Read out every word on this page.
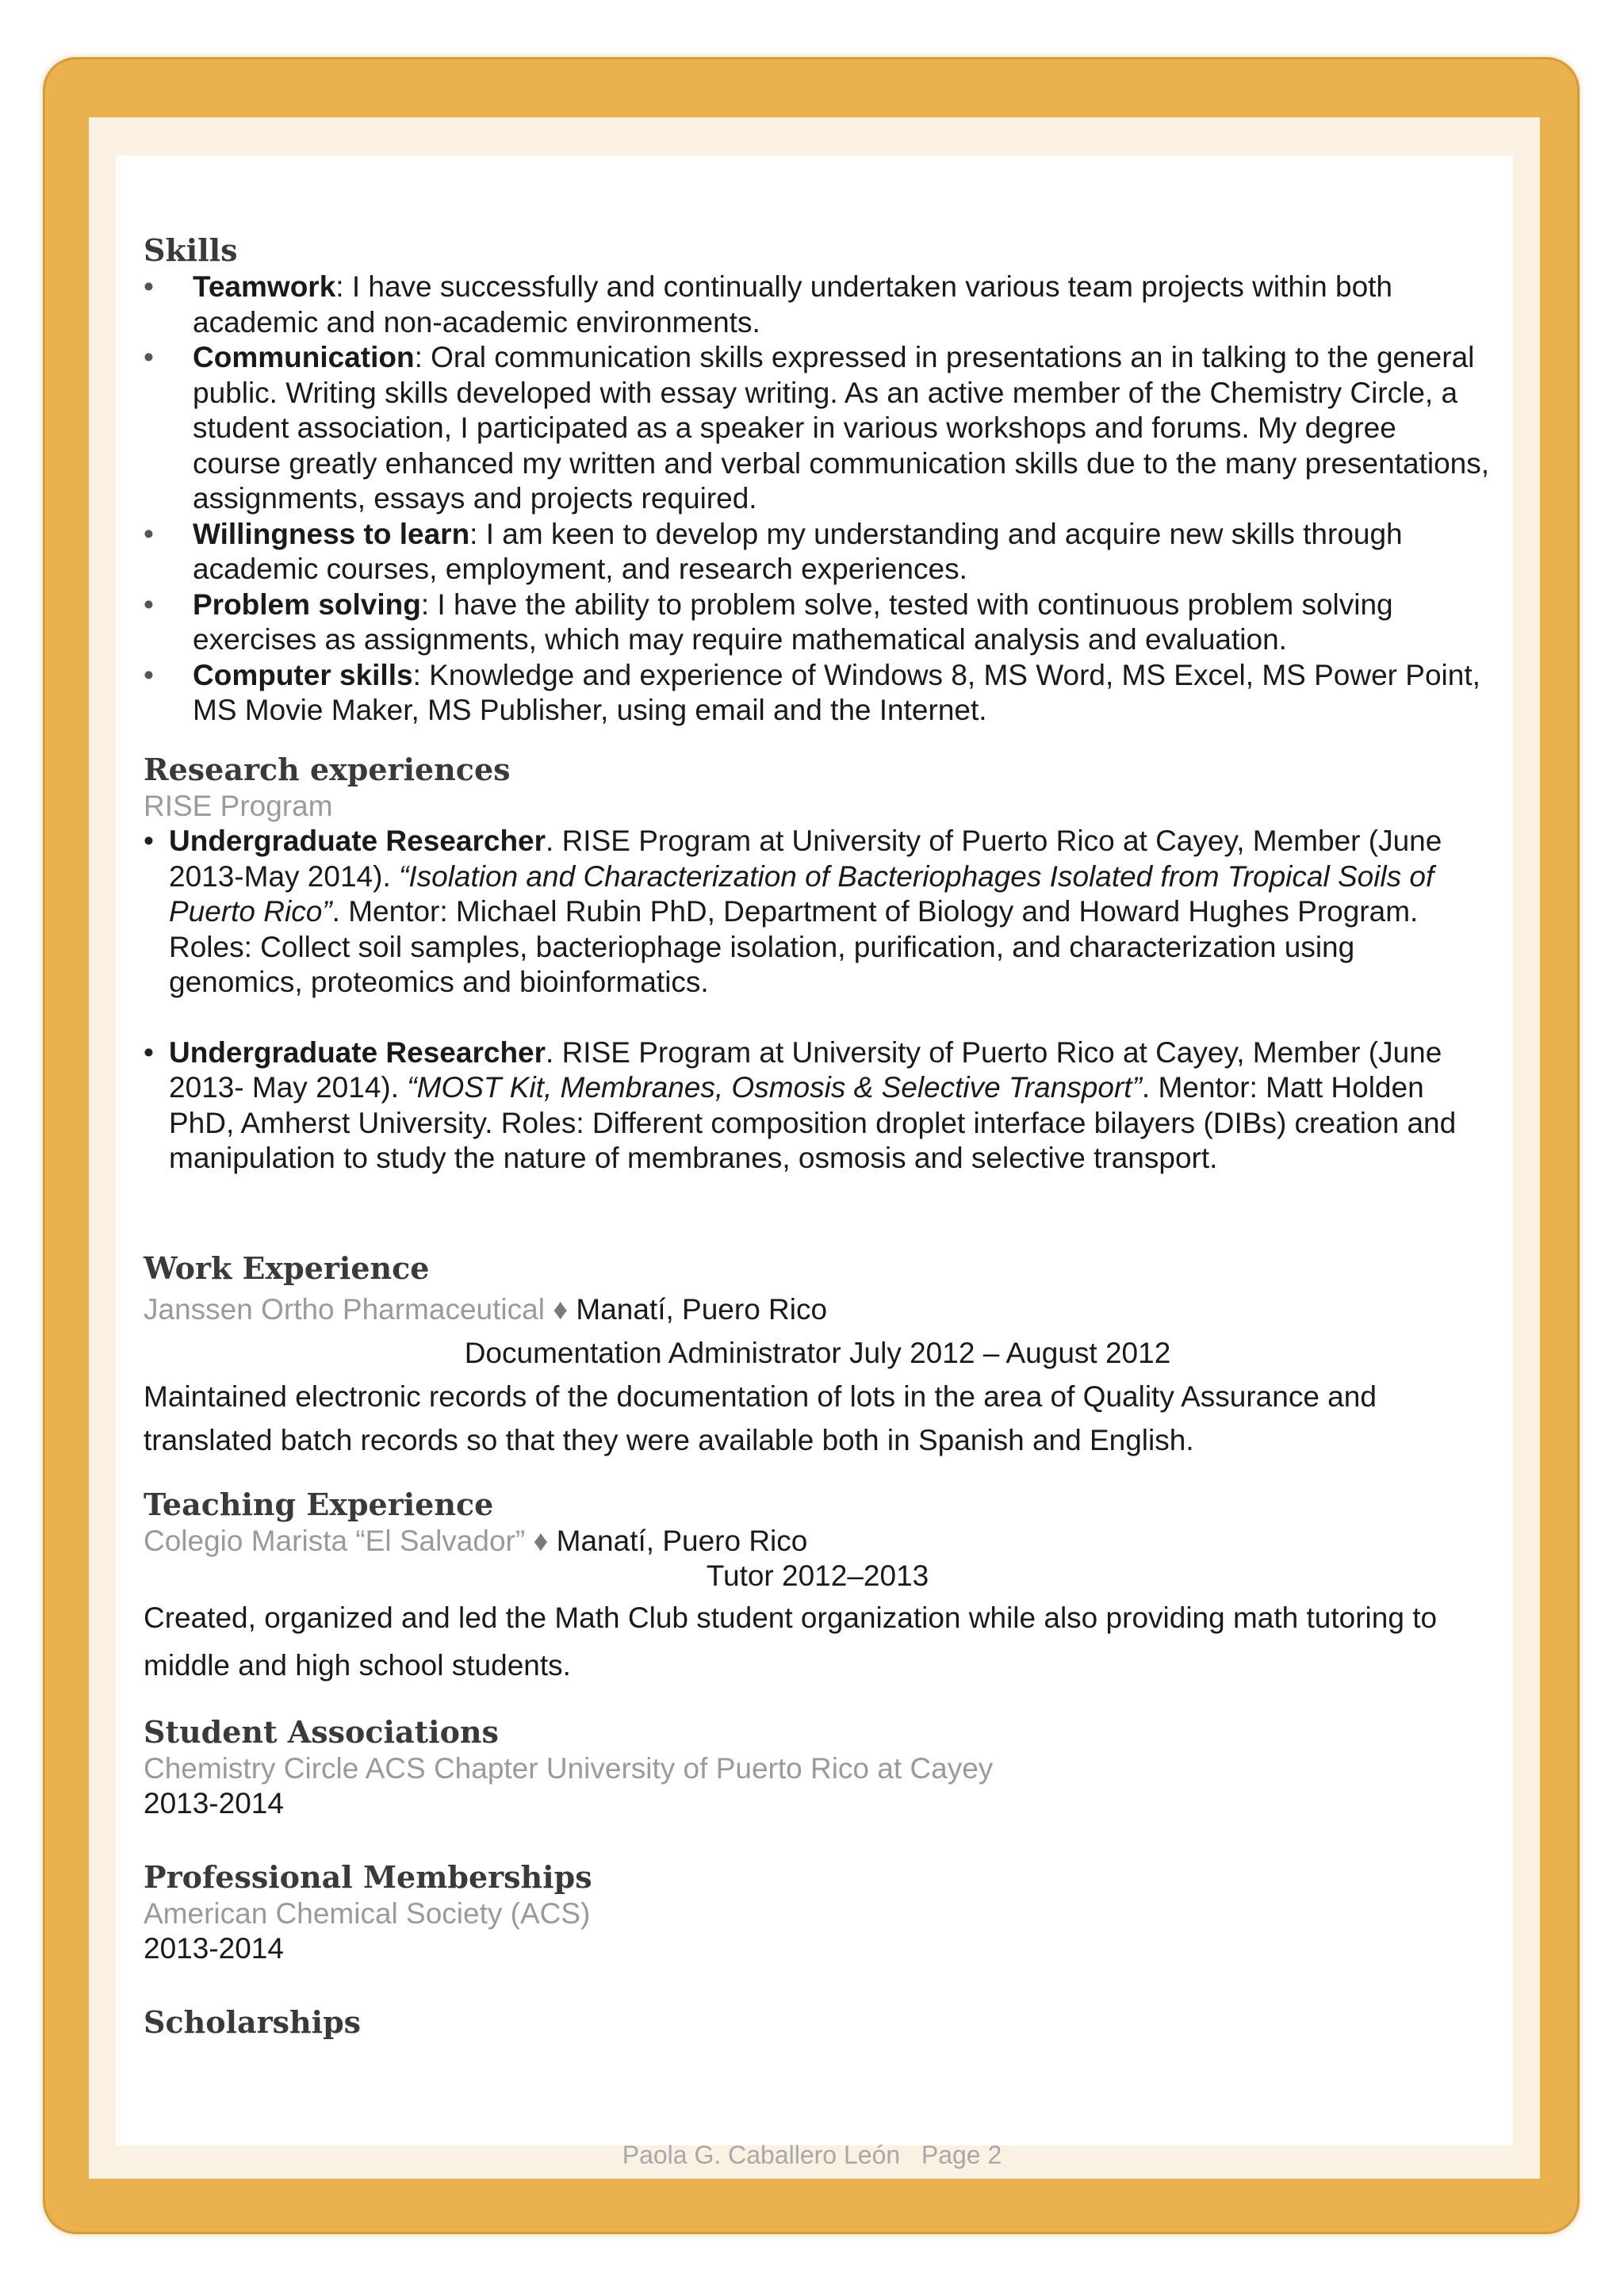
Skills
• Teamwork: I have successfully and continually undertaken various team projects within both academic and non-academic environments.
• Communication: Oral communication skills expressed in presentations an in talking to the general public. Writing skills developed with essay writing. As an active member of the Chemistry Circle, a student association, I participated as a speaker in various workshops and forums. My degree course greatly enhanced my written and verbal communication skills due to the many presentations, assignments, essays and projects required.
• Willingness to learn: I am keen to develop my understanding and acquire new skills through academic courses, employment, and research experiences.
• Problem solving: I have the ability to problem solve, tested with continuous problem solving exercises as assignments, which may require mathematical analysis and evaluation.
• Computer skills: Knowledge and experience of Windows 8, MS Word, MS Excel, MS Power Point, MS Movie Maker, MS Publisher, using email and the Internet.
Research experiences
RISE Program
• Undergraduate Researcher. RISE Program at University of Puerto Rico at Cayey, Member (June 2013-May 2014). “Isolation and Characterization of Bacteriophages Isolated from Tropical Soils of Puerto Rico”. Mentor: Michael Rubin PhD, Department of Biology and Howard Hughes Program. Roles: Collect soil samples, bacteriophage isolation, purification, and characterization using genomics, proteomics and bioinformatics.
• Undergraduate Researcher. RISE Program at University of Puerto Rico at Cayey, Member (June 2013- May 2014). “MOST Kit, Membranes, Osmosis & Selective Transport”. Mentor: Matt Holden PhD, Amherst University. Roles: Different composition droplet interface bilayers (DIBs) creation and manipulation to study the nature of membranes, osmosis and selective transport.
Work Experience
Janssen Ortho Pharmaceutical ♦ Manatí, Puero Rico
Documentation Administrator July 2012 – August 2012
Maintained electronic records of the documentation of lots in the area of Quality Assurance and translated batch records so that they were available both in Spanish and English.
Teaching Experience
Colegio Marista “El Salvador” ♦ Manatí, Puero Rico
Tutor 2012–2013
Created, organized and led the Math Club student organization while also providing math tutoring to middle and high school students.
Student Associations
Chemistry Circle ACS Chapter University of Puerto Rico at Cayey
2013-2014
Professional Memberships
American Chemical Society (ACS)
2013-2014
Scholarships
Paola G. Caballero León Page 2
